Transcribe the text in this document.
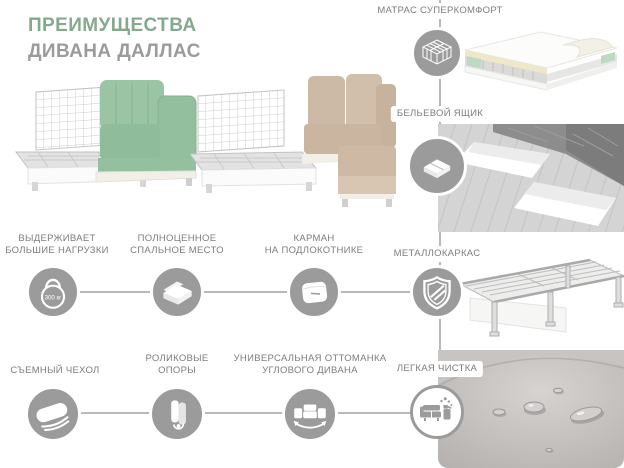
ПРЕИМУЩЕСТВА
ДИВАНА ДАЛЛАС
МАТРАС СУПЕРКОМФОРТ
БЕЛЬЕВОЙ ЯЩИК
МЕТАЛЛОКАРКАС
ЛЕГКАЯ ЧИСТКА
ВЫДЕРЖИВАЕТ
БОЛЬШИЕ НАГРУЗКИ
ПОЛНОЦЕННОЕ
СПАЛЬНОЕ МЕСТО
КАРМАН
НА ПОДЛОКОТНИКЕ
СЪЕМНЫЙ ЧЕХОЛ
РОЛИКОВЫЕ
ОПОРЫ
УНИВЕРСАЛЬНАЯ ОТТОМАНКА
УГЛОВОГО ДИВАНА
300 кг
